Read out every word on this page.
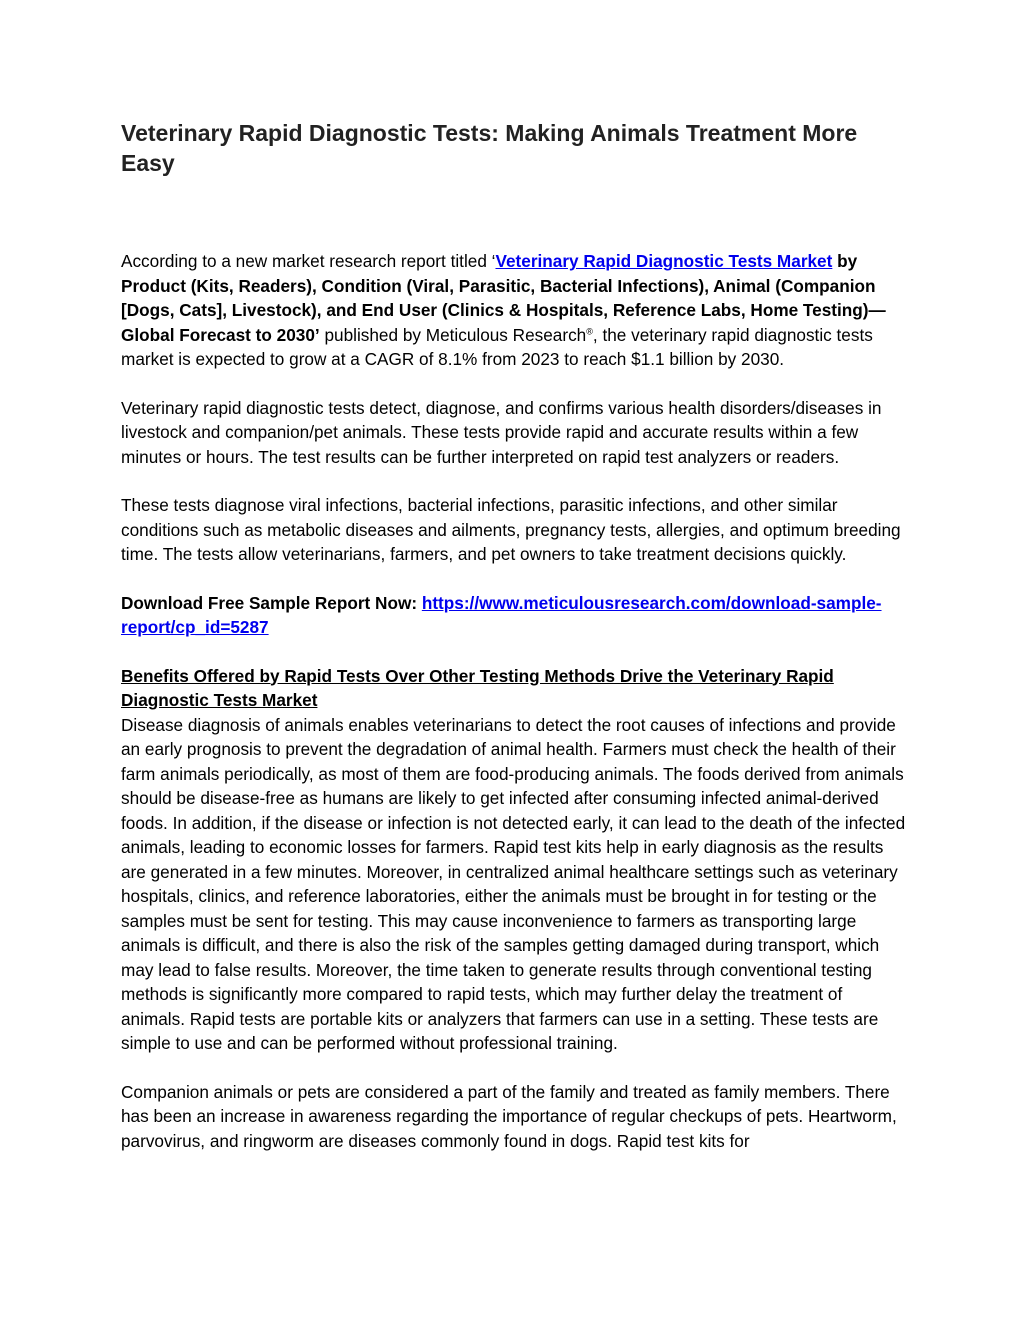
Veterinary Rapid Diagnostic Tests: Making Animals Treatment More Easy

According to a new market research report titled ‘Veterinary Rapid Diagnostic Tests Market by Product (Kits, Readers), Condition (Viral, Parasitic, Bacterial Infections), Animal (Companion [Dogs, Cats], Livestock), and End User (Clinics & Hospitals, Reference Labs, Home Testing)—Global Forecast to 2030’ published by Meticulous Research®, the veterinary rapid diagnostic tests market is expected to grow at a CAGR of 8.1% from 2023 to reach $1.1 billion by 2030.

Veterinary rapid diagnostic tests detect, diagnose, and confirms various health disorders/diseases in livestock and companion/pet animals. These tests provide rapid and accurate results within a few minutes or hours. The test results can be further interpreted on rapid test analyzers or readers.

These tests diagnose viral infections, bacterial infections, parasitic infections, and other similar conditions such as metabolic diseases and ailments, pregnancy tests, allergies, and optimum breeding time. The tests allow veterinarians, farmers, and pet owners to take treatment decisions quickly.

Download Free Sample Report Now: https://www.meticulousresearch.com/download-sample-report/cp_id=5287

Benefits Offered by Rapid Tests Over Other Testing Methods Drive the Veterinary Rapid Diagnostic Tests Market
Disease diagnosis of animals enables veterinarians to detect the root causes of infections and provide an early prognosis to prevent the degradation of animal health. Farmers must check the health of their farm animals periodically, as most of them are food-producing animals. The foods derived from animals should be disease-free as humans are likely to get infected after consuming infected animal-derived foods. In addition, if the disease or infection is not detected early, it can lead to the death of the infected animals, leading to economic losses for farmers. Rapid test kits help in early diagnosis as the results are generated in a few minutes. Moreover, in centralized animal healthcare settings such as veterinary hospitals, clinics, and reference laboratories, either the animals must be brought in for testing or the samples must be sent for testing. This may cause inconvenience to farmers as transporting large animals is difficult, and there is also the risk of the samples getting damaged during transport, which may lead to false results. Moreover, the time taken to generate results through conventional testing methods is significantly more compared to rapid tests, which may further delay the treatment of animals. Rapid tests are portable kits or analyzers that farmers can use in a setting. These tests are simple to use and can be performed without professional training.

Companion animals or pets are considered a part of the family and treated as family members. There has been an increase in awareness regarding the importance of regular checkups of pets. Heartworm, parvovirus, and ringworm are diseases commonly found in dogs. Rapid test kits for
